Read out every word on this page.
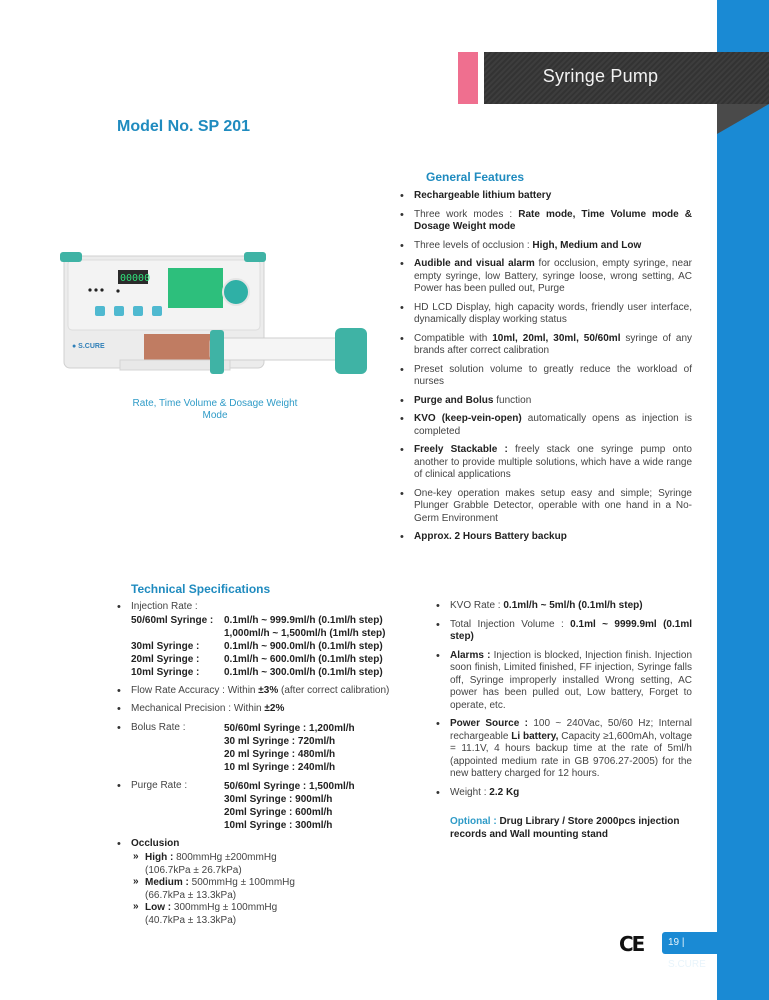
Syringe Pump
Model No. SP 201
00000
● S.CURE
Rate, Time Volume & Dosage Weight Mode
General Features
• Rechargeable lithium battery
• Three work modes : Rate mode, Time Volume mode & Dosage Weight mode
• Three levels of occlusion : High, Medium and Low
• Audible and visual alarm for occlusion, empty syringe, near empty syringe, low Battery, syringe loose, wrong setting, AC Power has been pulled out, Purge
• HD LCD Display, high capacity words, friendly user interface, dynamically display working status
• Compatible with 10ml, 20ml, 30ml, 50/60ml syringe of any brands after correct calibration
• Preset solution volume to greatly reduce the workload of nurses
• Purge and Bolus function
• KVO (keep-vein-open) automatically opens as injection is completed
• Freely Stackable : freely stack one syringe pump onto another to provide multiple solutions, which have a wide range of clinical applications
• One-key operation makes setup easy and simple; Syringe Plunger Grabble Detector, operable with one hand in a No-Germ Environment
• Approx. 2 Hours Battery backup
Technical Specifications
• Injection Rate :
50/60ml Syringe :	0.1ml/h ~ 999.9ml/h (0.1ml/h step)
1,000ml/h ~ 1,500ml/h (1ml/h step)
30ml Syringe :	0.1ml/h ~ 900.0ml/h (0.1ml/h step)
20ml Syringe :	0.1ml/h ~ 600.0ml/h (0.1ml/h step)
10ml Syringe :	0.1ml/h ~ 300.0ml/h (0.1ml/h step)
• Flow Rate Accuracy : Within ±3% (after correct calibration)
• Mechanical Precision : Within ±2%
• Bolus Rate :	50/60ml Syringe : 1,200ml/h
30 ml Syringe : 720ml/h
20 ml Syringe : 480ml/h
10 ml Syringe : 240ml/h
• Purge Rate :	50/60ml Syringe : 1,500ml/h
30ml Syringe : 900ml/h
20ml Syringe : 600ml/h
10ml Syringe : 300ml/h
• Occlusion
» High : 800mmHg ±200mmHg
(106.7kPa ± 26.7kPa)
» Medium : 500mmHg ± 100mmHg
(66.7kPa ± 13.3kPa)
» Low : 300mmHg ± 100mmHg
(40.7kPa ± 13.3kPa)
• KVO Rate : 0.1ml/h ~ 5ml/h (0.1ml/h step)
• Total Injection Volume : 0.1ml ~ 9999.9ml (0.1ml step)
• Alarms : Injection is blocked, Injection finish. Injection soon finish, Limited finished, FF injection, Syringe falls off, Syringe improperly installed Wrong setting, AC power has been pulled out, Low battery, Forget to operate, etc.
• Power Source : 100 ~ 240Vac, 50/60 Hz; Internal rechargeable Li battery, Capacity ≥1,600mAh, voltage = 11.1V, 4 hours backup time at the rate of 5ml/h (appointed medium rate in GB 9706.27-2005) for the new battery charged for 12 hours.
• Weight : 2.2 Kg
Optional : Drug Library / Store 2000pcs injection records and Wall mounting stand
CE	19 | S.CURE
